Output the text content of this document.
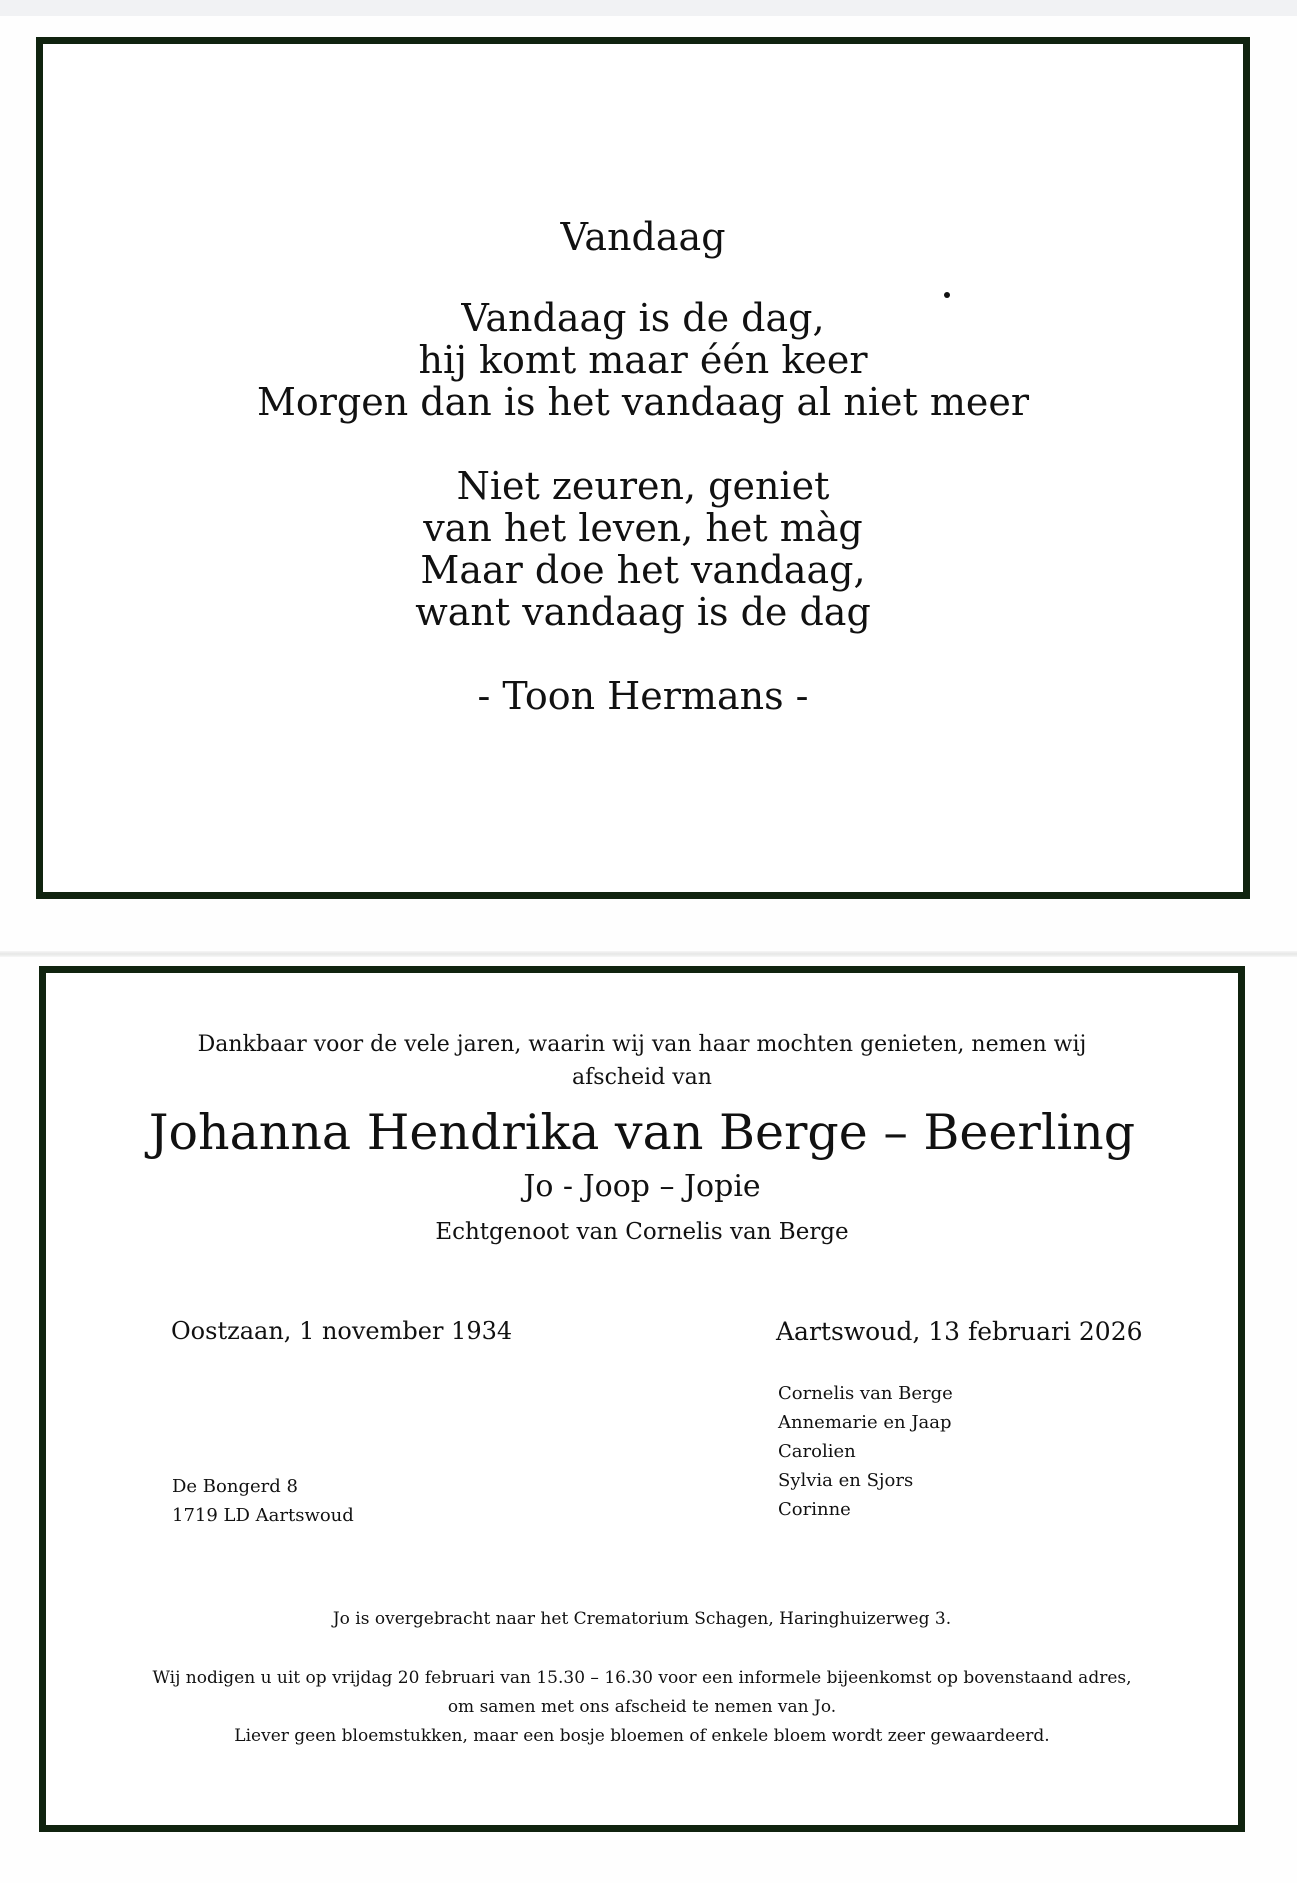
Vandaag
Vandaag is de dag,
hij komt maar één keer
Morgen dan is het vandaag al niet meer
Niet zeuren, geniet
van het leven, het màg
Maar doe het vandaag,
want vandaag is de dag
- Toon Hermans -
Dankbaar voor de vele jaren, waarin wij van haar mochten genieten, nemen wij
afscheid van
Johanna Hendrika van Berge – Beerling
Jo - Joop – Jopie
Echtgenoot van Cornelis van Berge
Oostzaan, 1 november 1934	Aartswoud, 13 februari 2026
Cornelis van Berge
Annemarie en Jaap
Carolien
Sylvia en Sjors
Corinne
De Bongerd 8
1719 LD Aartswoud
Jo is overgebracht naar het Crematorium Schagen, Haringhuizerweg 3.
Wij nodigen u uit op vrijdag 20 februari van 15.30 – 16.30 voor een informele bijeenkomst op bovenstaand adres,
om samen met ons afscheid te nemen van Jo.
Liever geen bloemstukken, maar een bosje bloemen of enkele bloem wordt zeer gewaardeerd.
